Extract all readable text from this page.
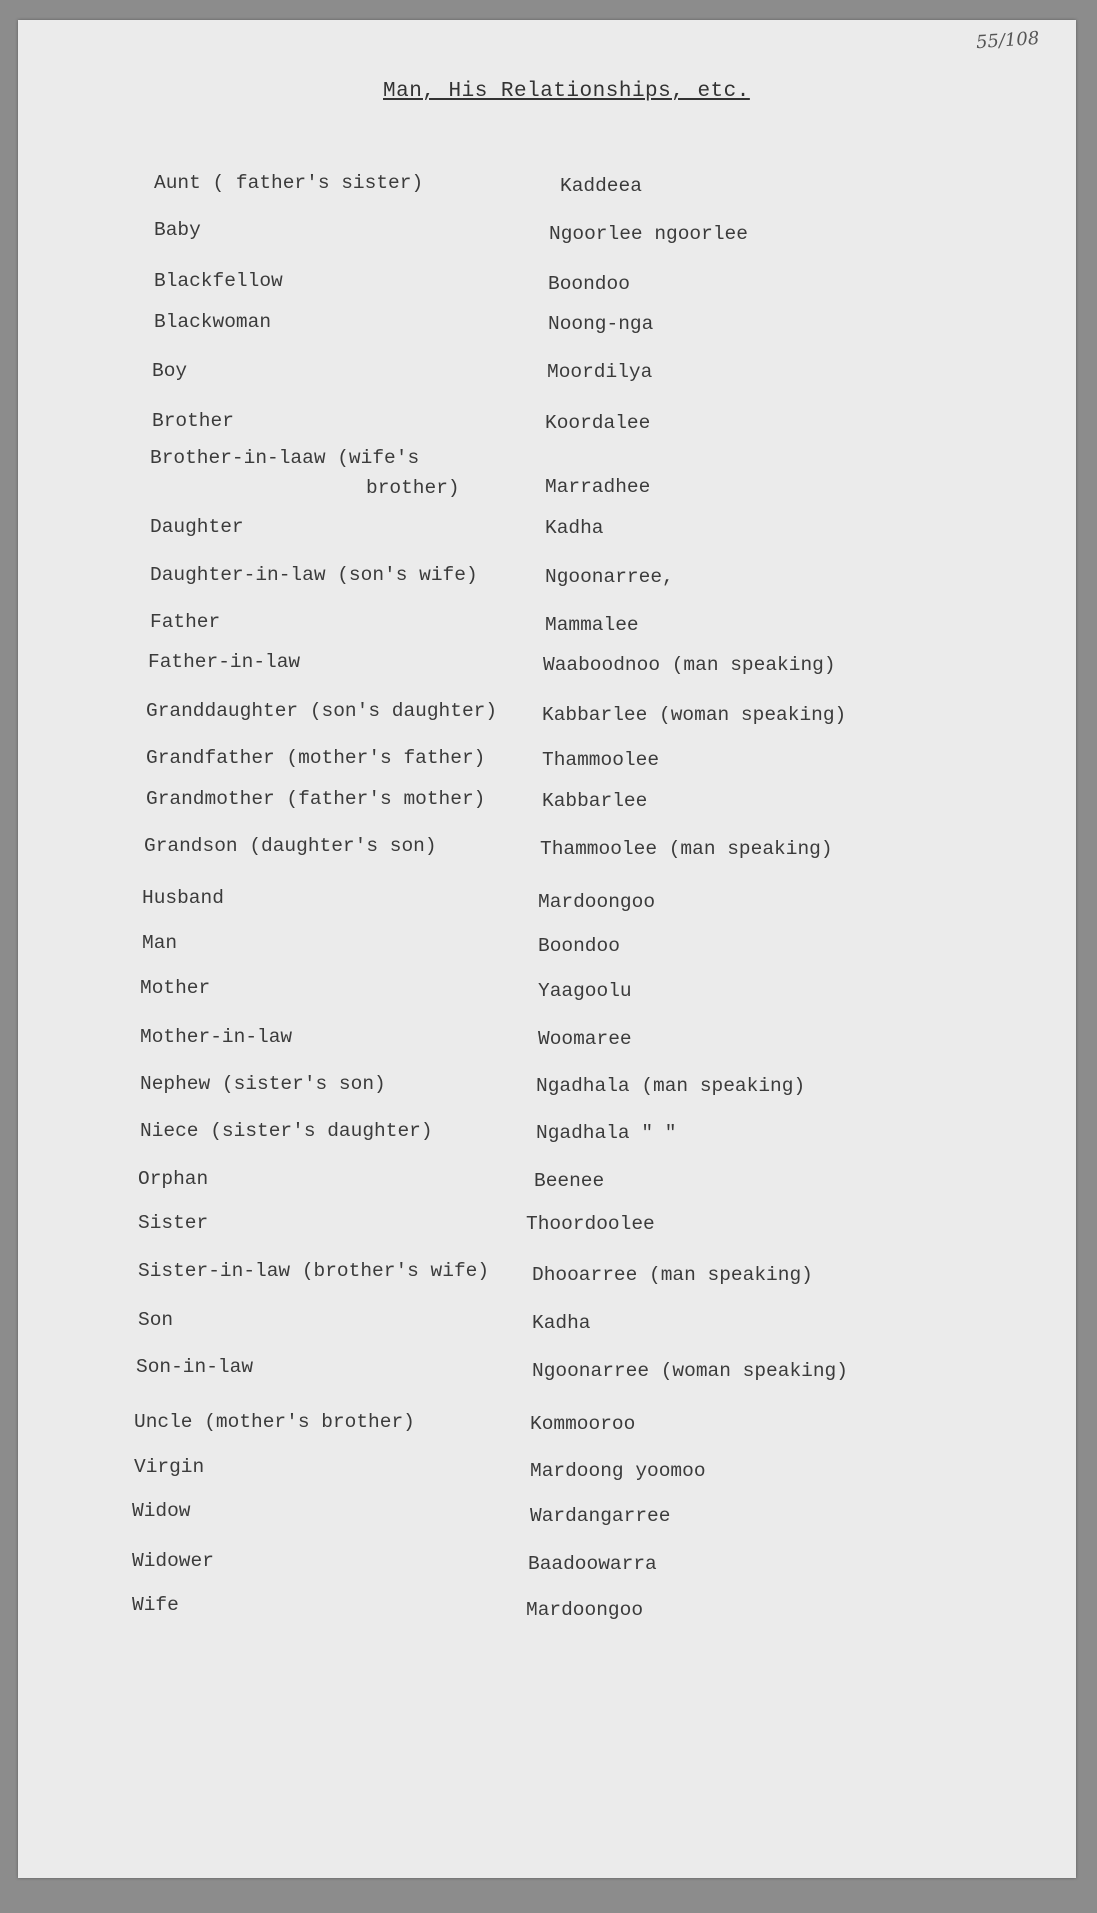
55/108
Man, His Relationships, etc.
Aunt ( father's sister)	Kaddeea
Baby	Ngoorlee ngoorlee
Blackfellow	Boondoo
Blackwoman	Noong-nga
Boy	Moordilya
Brother	Koordalee
Brother-in-laaw (wife's
brother)	Marradhee
Daughter	Kadha
Daughter-in-law (son's wife)	Ngoonarree,
Father	Mammalee
Father-in-law	Waaboodnoo (man speaking)
Granddaughter (son's daughter) Kabbarlee (woman speaking)
Grandfather (mother's father)	Thammoolee
Grandmother (father's mother)	Kabbarlee
Grandson (daughter's son)	Thammoolee (man speaking)
Husband	Mardoongoo
Man	Boondoo
Mother	Yaagoolu
Mother-in-law	Woomaree
Nephew (sister's son)	Ngadhala (man speaking)
Niece (sister's daughter)	Ngadhala " "
Orphan	Beenee
Sister	Thoordoolee
Sister-in-law (brother's wife) Dhooarree (man speaking)
Son	Kadha
Son-in-law	Ngoonarree (woman speaking)
Uncle (mother's brother)	Kommooroo
Virgin	Mardoong yoomoo
Widow	Wardangarree
Widower	Baadoowarra
Wife	Mardoongoo
